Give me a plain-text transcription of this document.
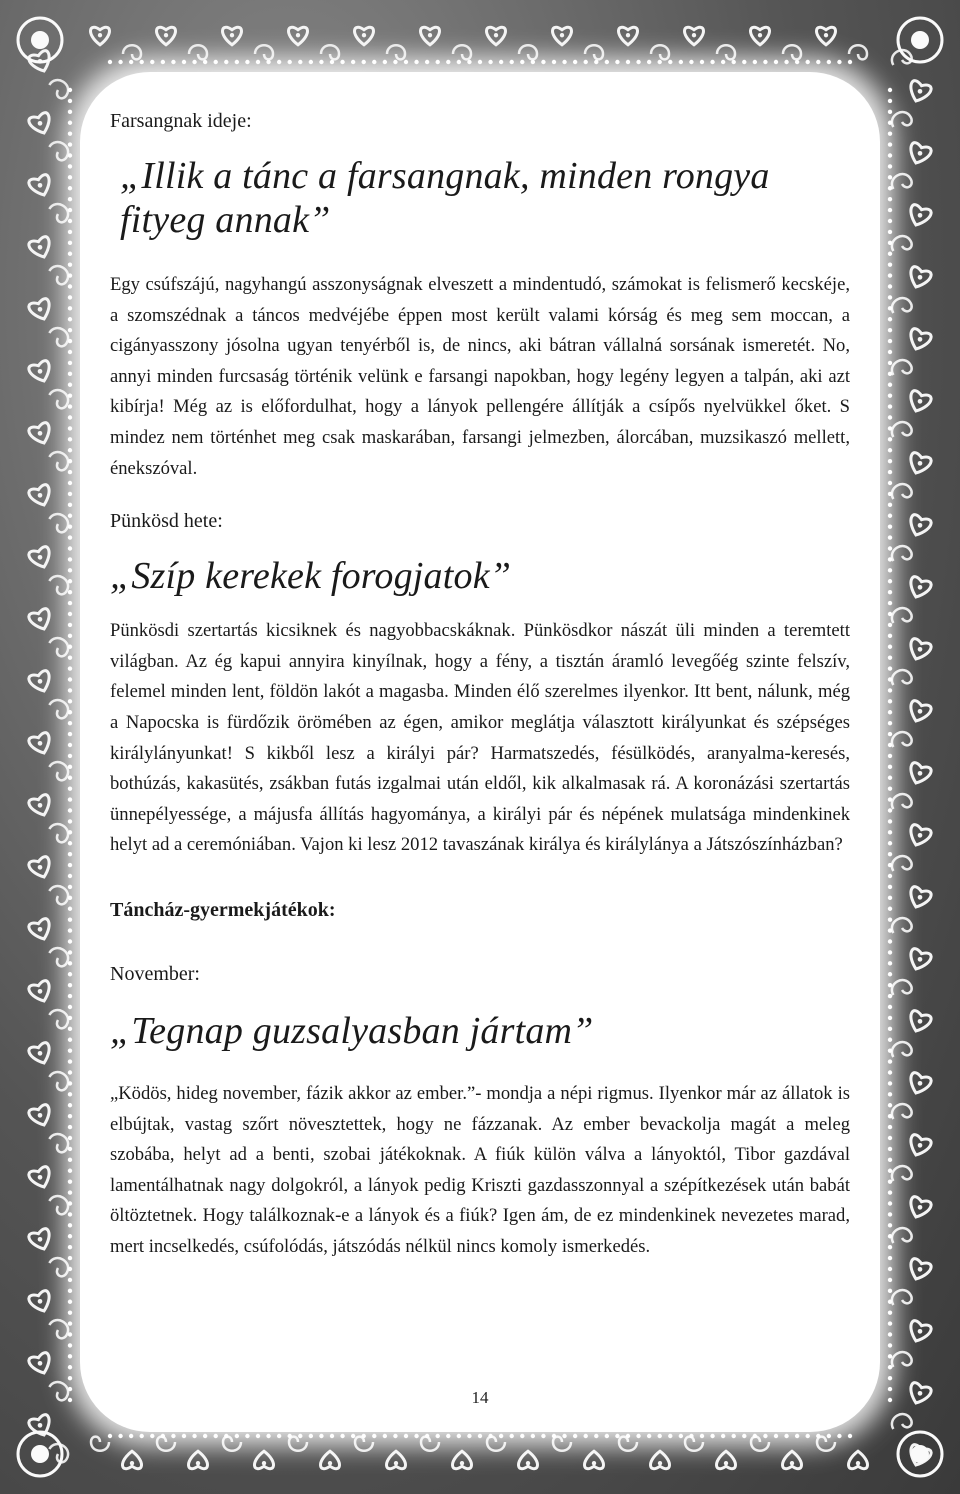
Farsangnak ideje:

„Illik a tánc a farsangnak, minden rongya fityeg annak”

Egy csúfszájú, nagyhangú asszonyságnak elveszett a mindentudó, számokat is felismerő kecskéje, a szomszédnak a táncos medvéjébe éppen most került valami kórság és meg sem moccan, a cigányasszony jósolna ugyan tenyérből is, de nincs, aki bátran vállalná sorsának ismeretét. No, annyi minden furcsaság történik velünk e farsangi napokban, hogy legény legyen a talpán, aki azt kibírja! Még az is előfordulhat, hogy a lányok pellengére állítják a csípős nyelvükkel őket. S mindez nem történhet meg csak maskarában, farsangi jelmezben, álorcában, muzsikaszó mellett, énekszóval.

Pünkösd hete:

„Szíp kerekek forogjatok”

Pünkösdi szertartás kicsiknek és nagyobbacskáknak. Pünkösdkor nászát üli minden a teremtett világban. Az ég kapui annyira kinyílnak, hogy a fény, a tisztán áramló levegőég szinte felszív, felemel minden lent, földön lakót a magasba. Minden élő szerelmes ilyenkor. Itt bent, nálunk, még a Napocska is fürdőzik örömében az égen, amikor meglátja választott királyunkat és szépséges királylányunkat! S kikből lesz a királyi pár? Harmatszedés, fésülködés, aranyalma-keresés, bothúzás, kakasütés, zsákban futás izgalmai után eldől, kik alkalmasak rá. A koronázási szertartás ünnepélyessége, a májusfa állítás hagyománya, a királyi pár és népének mulatsága mindenkinek helyt ad a ceremóniában. Vajon ki lesz 2012 tavaszának királya és királylánya a Játszószínházban?

Táncház-gyermekjátékok:

November:

„Tegnap guzsalyasban jártam”

„Ködös, hideg november, fázik akkor az ember.”- mondja a népi rigmus. Ilyenkor már az állatok is elbújtak, vastag szőrt növesztettek, hogy ne fázzanak. Az ember bevackolja magát a meleg szobába, helyt ad a benti, szobai játékoknak. A fiúk külön válva a lányoktól, Tibor gazdával lamentálhatnak nagy dolgokról, a lányok pedig Kriszti gazdasszonnyal a szépítkezések után babát öltöztetnek. Hogy találkoznak-e a lányok és a fiúk? Igen ám, de ez mindenkinek nevezetes marad, mert incselkedés, csúfolódás, játszódás nélkül nincs komoly ismerkedés.

14
